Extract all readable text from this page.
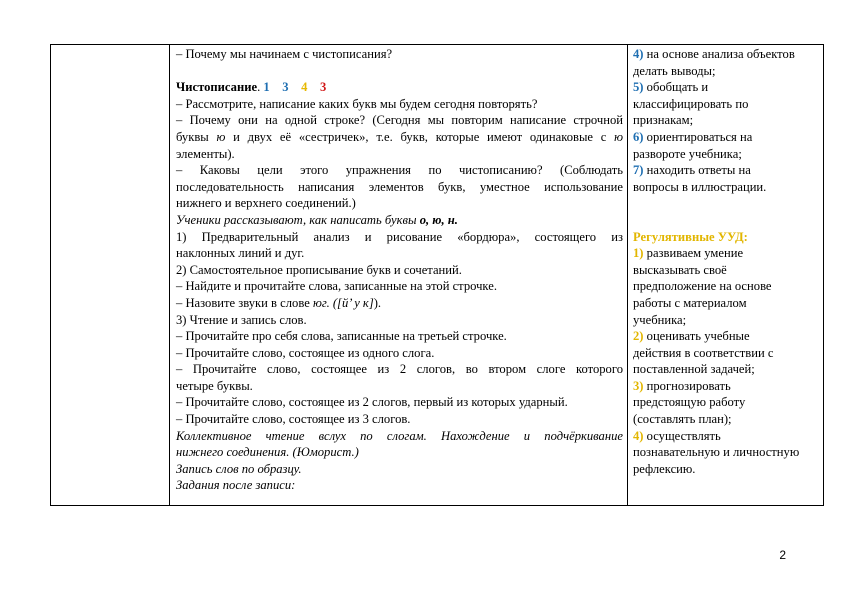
– Почему мы начинаем с чистописания?

Чистописание. 1 3 4 3

– Рассмотрите, написание каких букв мы будем сегодня повторять?

– Почему они на одной строке? (Сегодня мы повторим написание строчной

буквы ю и двух её «сестричек», т.е. букв, которые имеют одинаковые с ю

элементы).

– Каковы цели этого упражнения по чистописанию? (Соблюдать

последовательность написания элементов букв, уместное использование

нижнего и верхнего соединений.)

Ученики рассказывают, как написать буквы о, ю, н.

1) Предварительный анализ и рисование «бордюра», состоящего из

наклонных линий и дуг.

2) Самостоятельное прописывание букв и сочетаний.

– Найдите и прочитайте слова, записанные на этой строчке.

– Назовите звуки в слове юг. ([й’ у к]).

3) Чтение и запись слов.

– Прочитайте про себя слова, записанные на третьей строчке.

– Прочитайте слово, состоящее из одного слога.

– Прочитайте слово, состоящее из 2 слогов, во втором слоге которого

четыре буквы.

– Прочитайте слово, состоящее из 2 слогов, первый из которых ударный.

– Прочитайте слово, состоящее из 3 слогов.

Коллективное чтение вслух по слогам. Нахождение и подчёркивание

нижнего соединения. (Юморист.)

Запись слов по образцу.

Задания после записи:

4) на основе анализа объектов

делать выводы;

5) обобщать и

классифицировать по

признакам;

6) ориентироваться на

развороте учебника;

7) находить ответы на

вопросы в иллюстрации.

Регулятивные УУД:

1) развиваем умение

высказывать своё

предположение на основе

работы с материалом

учебника;

2) оценивать учебные

действия в соответствии с

поставленной задачей;

3) прогнозировать

предстоящую работу

(составлять план);

4) осуществлять

познавательную и личностную

рефлексию.

2
